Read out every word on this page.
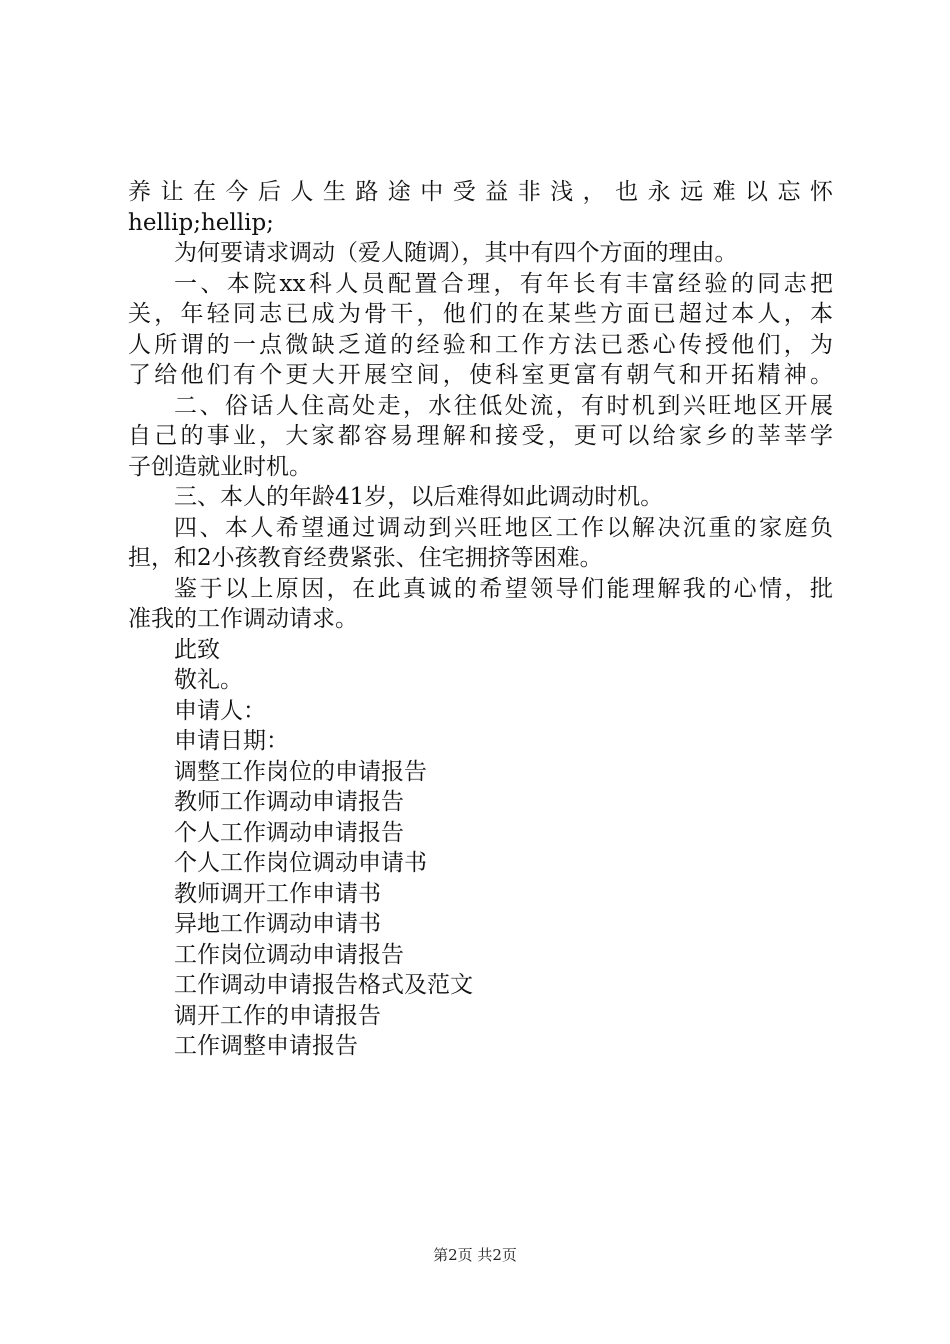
养让在今后人生路途中受益非浅，也永远难以忘怀
hellip;hellip;
为何要请求调动（爱人随调），其中有四个方面的理由。
一、本院xx科人员配置合理，有年长有丰富经验的同志把
关，年轻同志已成为骨干，他们的在某些方面已超过本人，本
人所谓的一点微缺乏道的经验和工作方法已悉心传授他们，为
了给他们有个更大开展空间，使科室更富有朝气和开拓精神。
二、俗话人住高处走，水往低处流，有时机到兴旺地区开展
自己的事业，大家都容易理解和接受，更可以给家乡的莘莘学
子创造就业时机。
三、本人的年龄41岁，以后难得如此调动时机。
四、本人希望通过调动到兴旺地区工作以解决沉重的家庭负
担，和2小孩教育经费紧张、住宅拥挤等困难。
鉴于以上原因，在此真诚的希望领导们能理解我的心情，批
准我的工作调动请求。
此致
敬礼。
申请人：
申请日期：
调整工作岗位的申请报告
教师工作调动申请报告
个人工作调动申请报告
个人工作岗位调动申请书
教师调开工作申请书
异地工作调动申请书
工作岗位调动申请报告
工作调动申请报告格式及范文
调开工作的申请报告
工作调整申请报告
第2页 共2页
